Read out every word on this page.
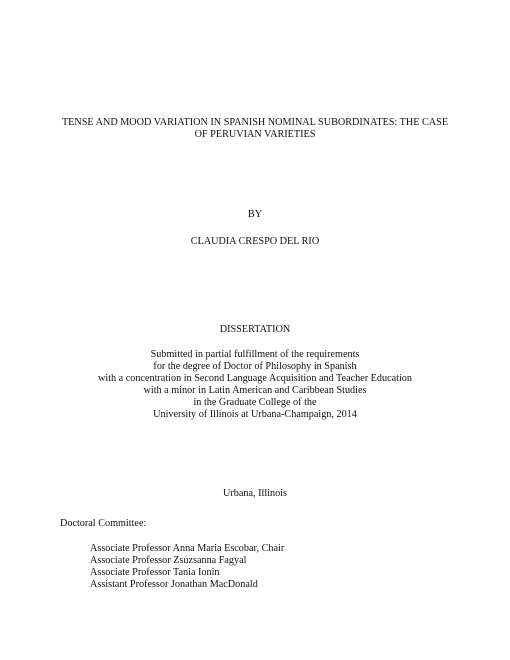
TENSE AND MOOD VARIATION IN SPANISH NOMINAL SUBORDINATES: THE CASE
OF PERUVIAN VARIETIES
BY
CLAUDIA CRESPO DEL RIO
DISSERTATION
Submitted in partial fulfillment of the requirements
for the degree of Doctor of Philosophy in Spanish
with a concentration in Second Language Acquisition and Teacher Education
with a minor in Latin American and Caribbean Studies
in the Graduate College of the
University of Illinois at Urbana-Champaign, 2014
Urbana, Illinois
Doctoral Committee:
Associate Professor Anna Maria Escobar, Chair
Associate Professor Zsuzsanna Fagyal
Associate Professor Tania Ionin
Assistant Professor Jonathan MacDonald
